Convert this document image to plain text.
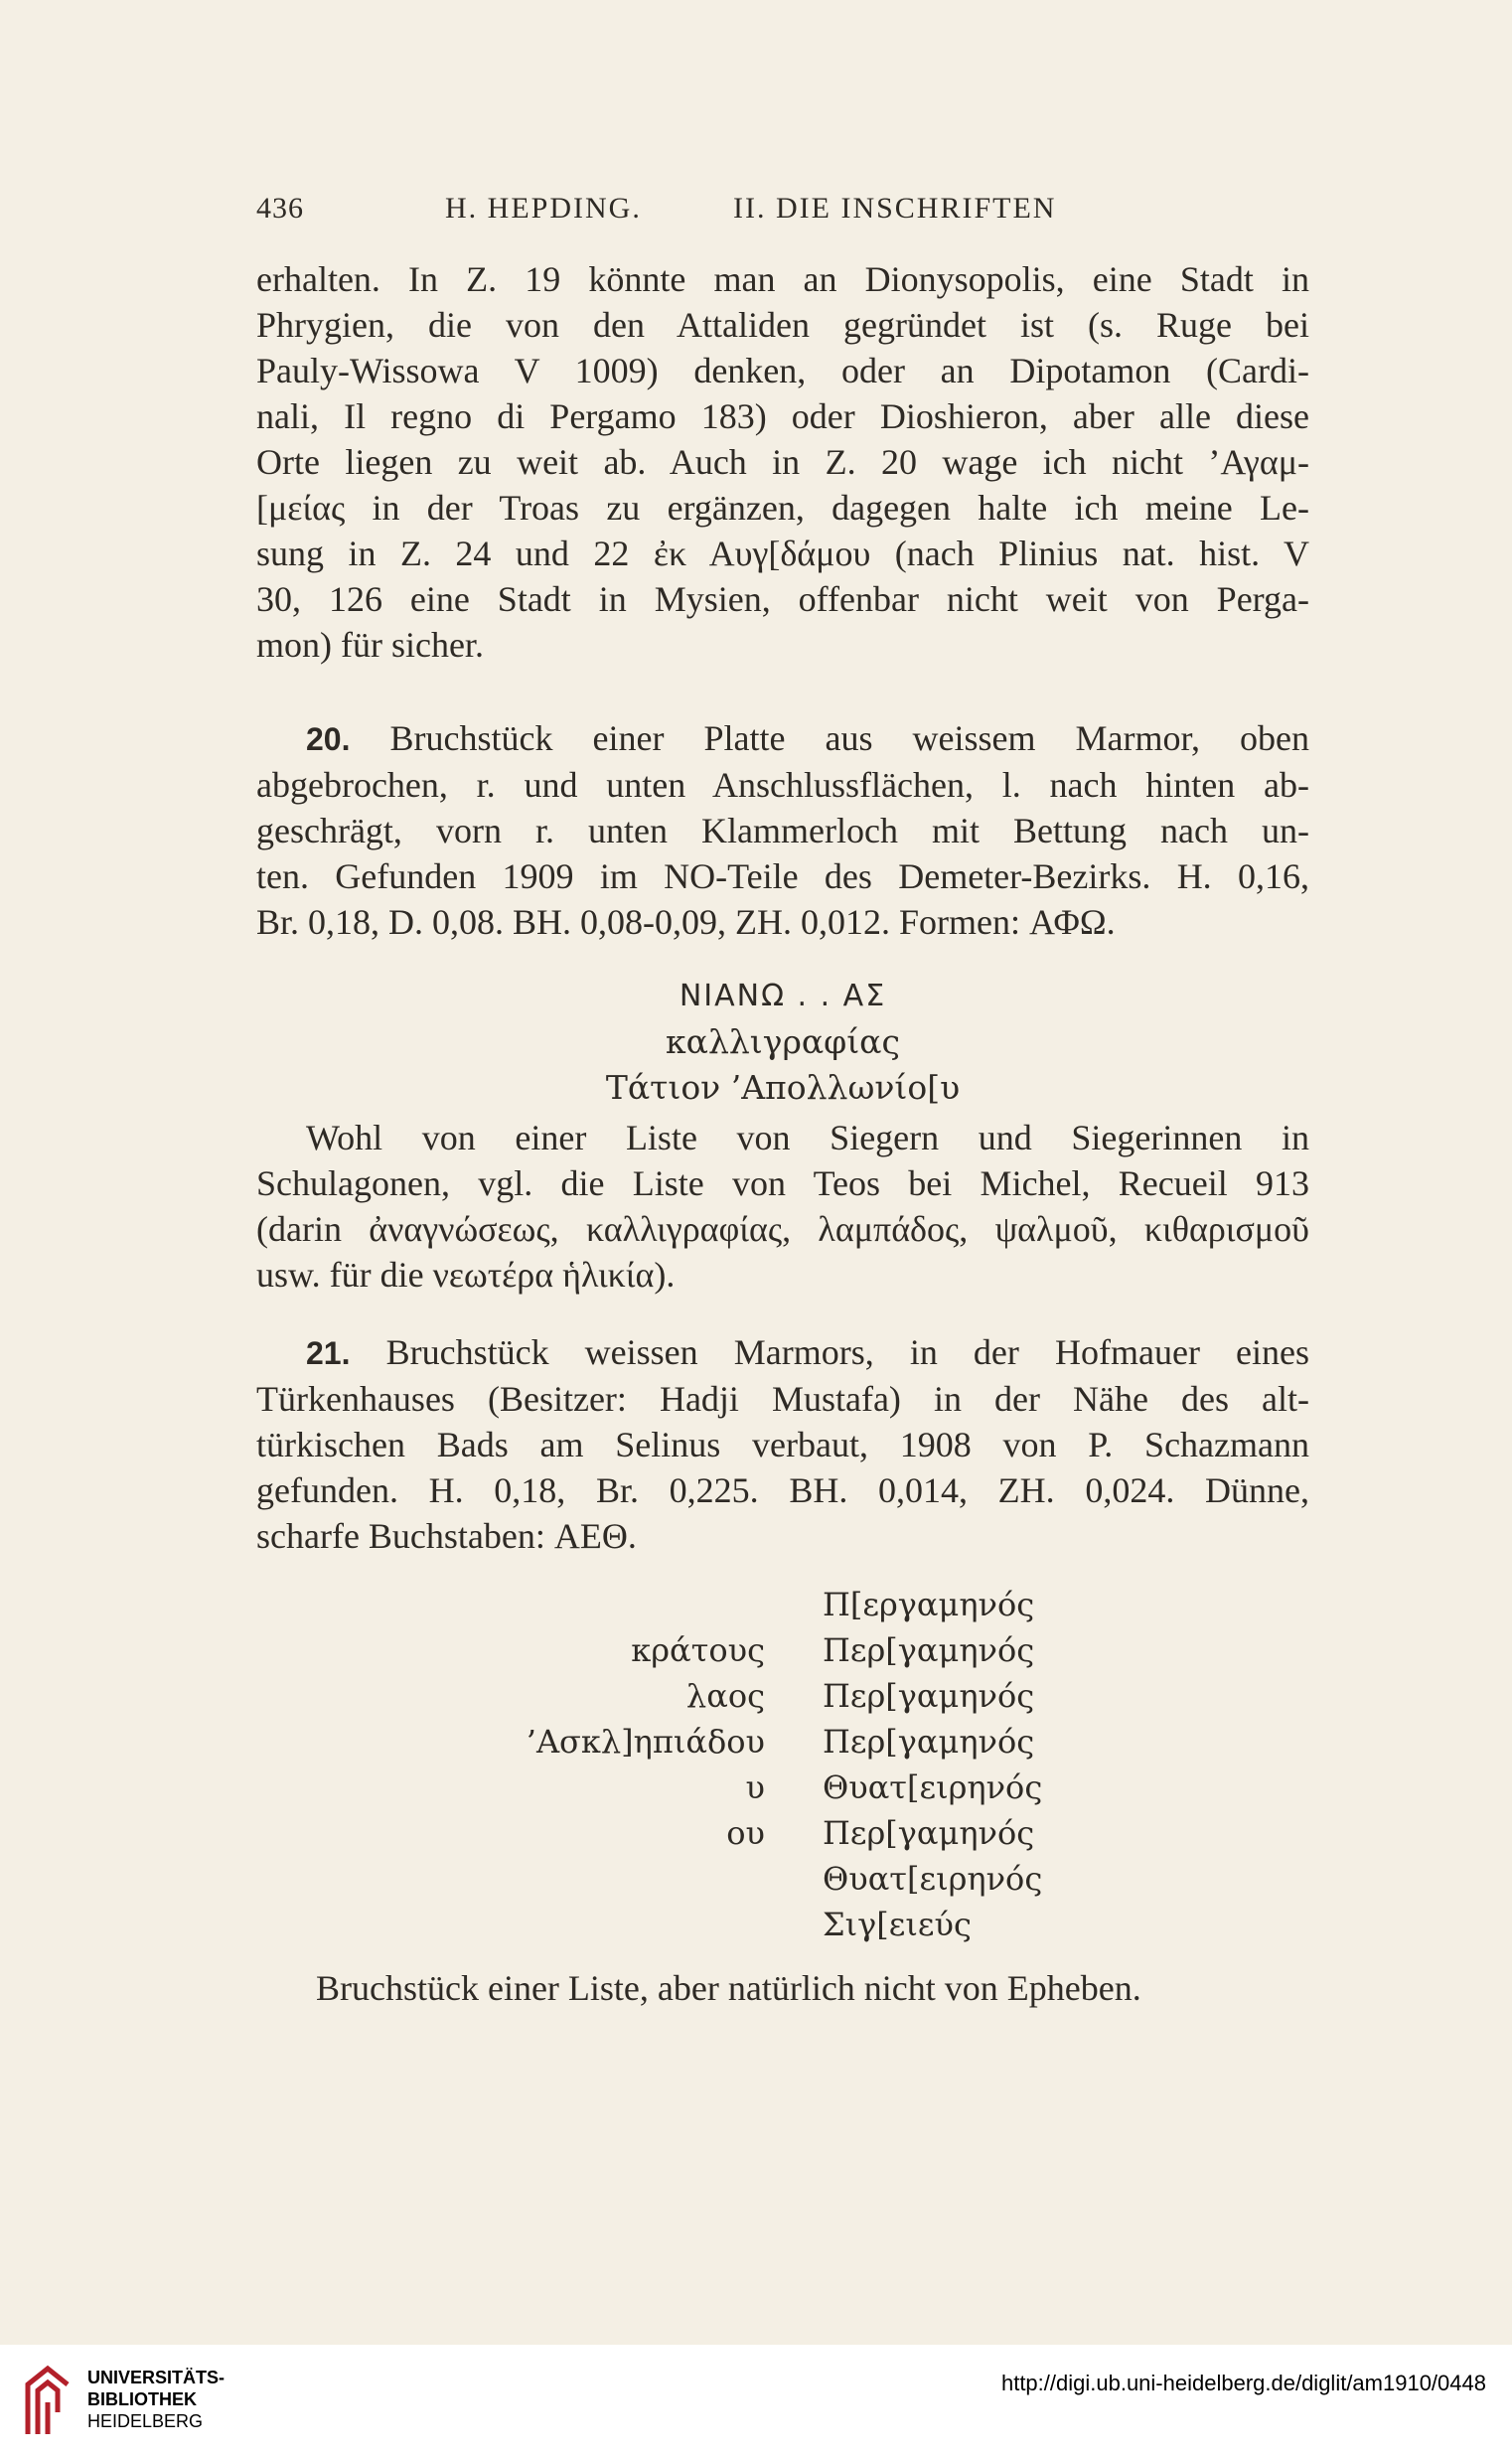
436	H. HEPDING.	II. DIE INSCHRIFTEN
erhalten. In Z. 19 könnte man an Dionysopolis, eine Stadt in
Phrygien, die von den Attaliden gegründet ist (s. Ruge bei
Pauly-Wissowa V 1009) denken, oder an Dipotamon (Cardi-
nali, Il regno di Pergamo 183) oder Dioshieron, aber alle diese
Orte liegen zu weit ab. Auch in Z. 20 wage ich nicht ’Αγαμ-
[μείας in der Troas zu ergänzen, dagegen halte ich meine Le-
sung in Z. 24 und 22 ἐκ Αυγ[δάμου (nach Plinius nat. hist. V
30, 126 eine Stadt in Mysien, offenbar nicht weit von Perga-
mon) für sicher.
20. Bruchstück einer Platte aus weissem Marmor, oben
abgebrochen, r. und unten Anschlussflächen, l. nach hinten ab-
geschrägt, vorn r. unten Klammerloch mit Bettung nach un-
ten. Gefunden 1909 im NO-Teile des Demeter-Bezirks. H. 0,16,
Br. 0,18, D. 0,08. BH. 0,08-0,09, ZH. 0,012. Formen: ΑΦΩ.
ΝΙΑΝΩ . . ΑΣ
καλλιγραφίας
Τάτιον ’Απολλωνίο[υ
Wohl von einer Liste von Siegern und Siegerinnen in
Schulagonen, vgl. die Liste von Teos bei Michel, Recueil 913
(darin ἀναγνώσεως, καλλιγραφίας, λαμπάδος, ψαλμοῦ, κιθαρισμοῦ
usw. für die νεωτέρα ἡλικία).
21. Bruchstück weissen Marmors, in der Hofmauer eines
Türkenhauses (Besitzer: Hadji Mustafa) in der Nähe des alt-
türkischen Bads am Selinus verbaut, 1908 von P. Schazmann
gefunden. H. 0,18, Br. 0,225. BH. 0,014, ZH. 0,024. Dünne,
scharfe Buchstaben: ΑΕΘ.
κράτους
λαος
’Ασκλ]ηπιάδου
υ
ου
Π[εργαμηνός
Περ[γαμηνός
Περ[γαμηνός
Περ[γαμηνός
Θυατ[ειρηνός
Περ[γαμηνός
Θυατ[ειρηνός
Σιγ[ειεύς
Bruchstück einer Liste, aber natürlich nicht von Epheben.
UNIVERSITÄTS-
BIBLIOTHEK
HEIDELBERG
http://digi.ub.uni-heidelberg.de/diglit/am1910/0448
